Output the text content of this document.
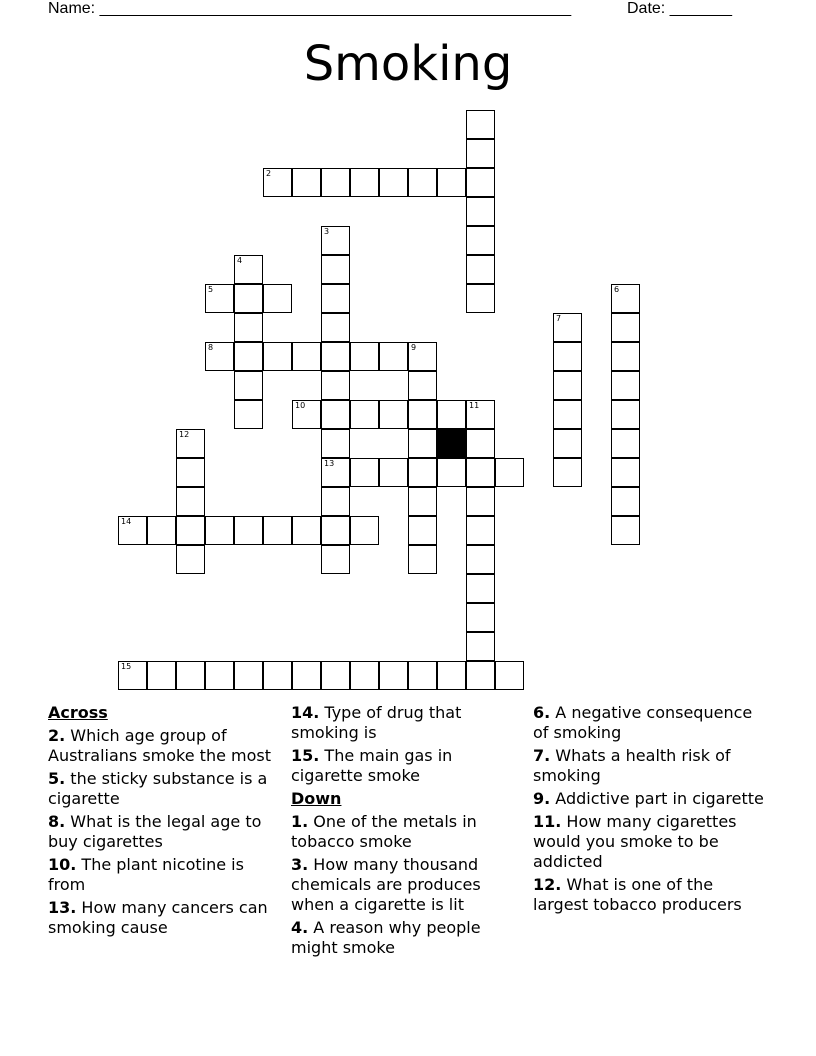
Name: _____________________________________________________	Date: _______
Smoking
2
3
13
4
5	6
7
8	9
10	11
12
14
15
Across
2. Which age group of Australians smoke the most
5. the sticky substance is a cigarette
8. What is the legal age to buy cigarettes
10. The plant nicotine is from
13. How many cancers can smoking cause
14. Type of drug that smoking is
15. The main gas in cigarette smoke
Down
1. One of the metals in tobacco smoke
3. How many thousand chemicals are produces when a cigarette is lit
4. A reason why people might smoke
6. A negative consequence of smoking
7. Whats a health risk of smoking
9. Addictive part in cigarette
11. How many cigarettes would you smoke to be addicted
12. What is one of the largest tobacco producers
